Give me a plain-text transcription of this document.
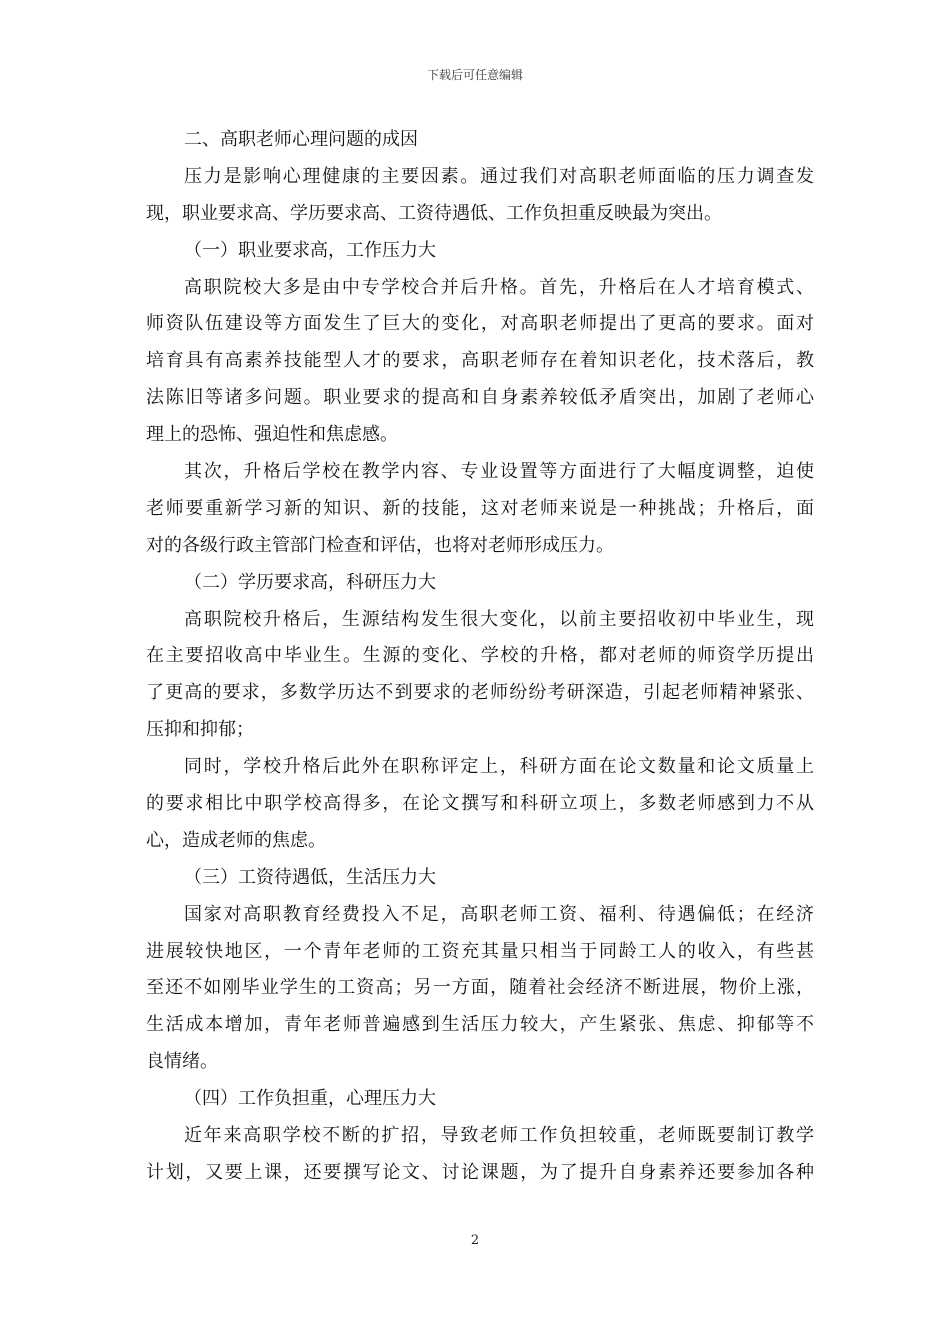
下载后可任意编辑
二、高职老师心理问题的成因
压力是影响心理健康的主要因素。通过我们对高职老师面临的压力调查发
现，职业要求高、学历要求高、工资待遇低、工作负担重反映最为突出。
（一）职业要求高，工作压力大
高职院校大多是由中专学校合并后升格。首先，升格后在人才培育模式、
师资队伍建设等方面发生了巨大的变化，对高职老师提出了更高的要求。面对
培育具有高素养技能型人才的要求，高职老师存在着知识老化，技术落后，教
法陈旧等诸多问题。职业要求的提高和自身素养较低矛盾突出，加剧了老师心
理上的恐怖、强迫性和焦虑感。
其次，升格后学校在教学内容、专业设置等方面进行了大幅度调整，迫使
老师要重新学习新的知识、新的技能，这对老师来说是一种挑战；升格后，面
对的各级行政主管部门检查和评估，也将对老师形成压力。
（二）学历要求高，科研压力大
高职院校升格后，生源结构发生很大变化，以前主要招收初中毕业生，现
在主要招收高中毕业生。生源的变化、学校的升格，都对老师的师资学历提出
了更高的要求，多数学历达不到要求的老师纷纷考研深造，引起老师精神紧张、
压抑和抑郁；
同时，学校升格后此外在职称评定上，科研方面在论文数量和论文质量上
的要求相比中职学校高得多，在论文撰写和科研立项上，多数老师感到力不从
心，造成老师的焦虑。
（三）工资待遇低，生活压力大
国家对高职教育经费投入不足，高职老师工资、福利、待遇偏低；在经济
进展较快地区，一个青年老师的工资充其量只相当于同龄工人的收入，有些甚
至还不如刚毕业学生的工资高；另一方面，随着社会经济不断进展，物价上涨，
生活成本增加，青年老师普遍感到生活压力较大，产生紧张、焦虑、抑郁等不
良情绪。
（四）工作负担重，心理压力大
近年来高职学校不断的扩招，导致老师工作负担较重，老师既要制订教学
计划，又要上课，还要撰写论文、讨论课题，为了提升自身素养还要参加各种
2
